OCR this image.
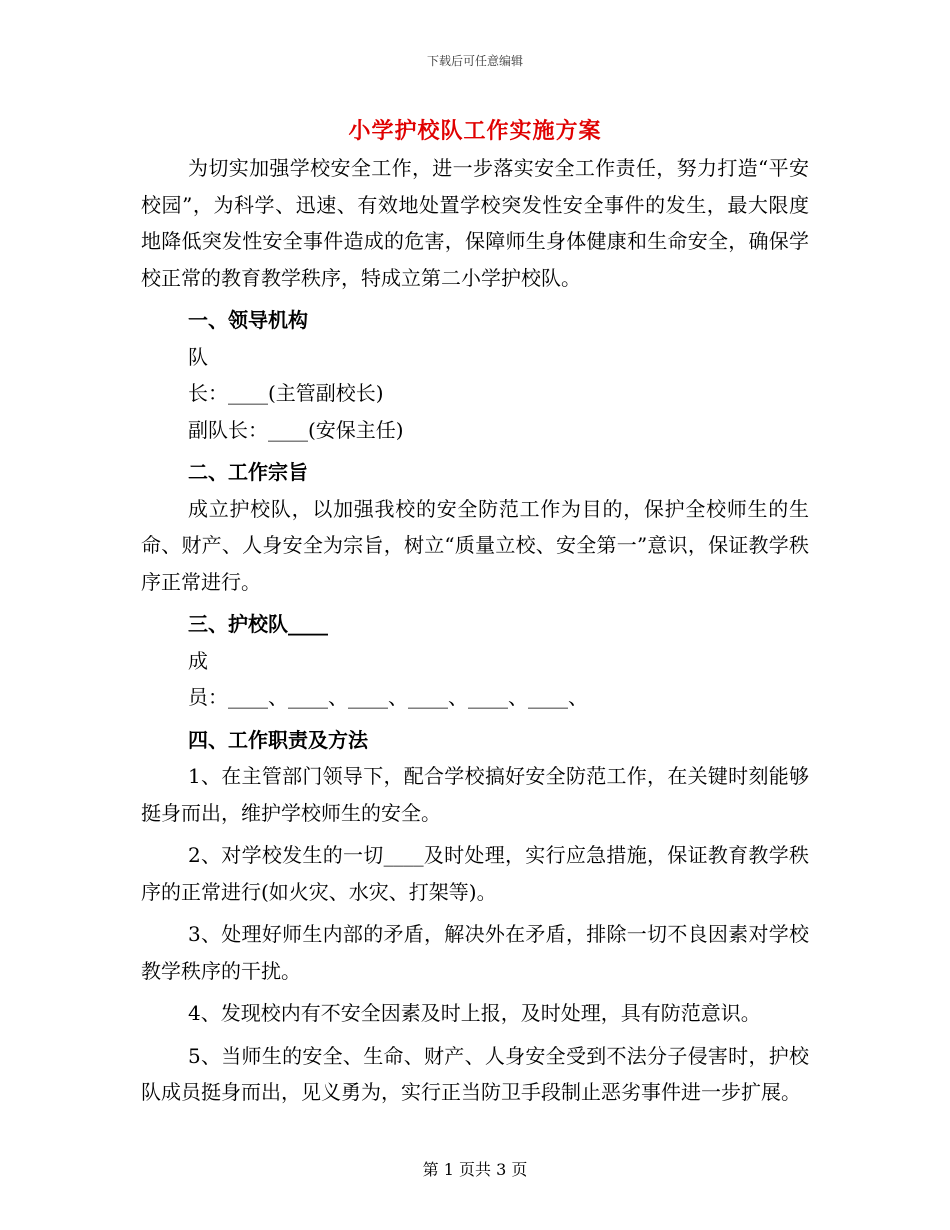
下载后可任意编辑
小学护校队工作实施方案

为切实加强学校安全工作，进一步落实安全工作责任，努力打造“平安校园”，为科学、迅速、有效地处置学校突发性安全事件的发生，最大限度地降低突发性安全事件造成的危害，保障师生身体健康和生命安全，确保学校正常的教育教学秩序，特成立第二小学护校队。

一、领导机构

队

长：____(主管副校长)

副队长：____(安保主任)

二、工作宗旨

成立护校队，以加强我校的安全防范工作为目的，保护全校师生的生命、财产、人身安全为宗旨，树立“质量立校、安全第一”意识，保证教学秩序正常进行。

三、护校队____

成

员：____、____、____、____、____、____、

四、工作职责及方法

1、在主管部门领导下，配合学校搞好安全防范工作，在关键时刻能够挺身而出，维护学校师生的安全。

2、对学校发生的一切____及时处理，实行应急措施，保证教育教学秩序的正常进行(如火灾、水灾、打架等)。

3、处理好师生内部的矛盾，解决外在矛盾，排除一切不良因素对学校教学秩序的干扰。

4、发现校内有不安全因素及时上报，及时处理，具有防范意识。

5、当师生的安全、生命、财产、人身安全受到不法分子侵害时，护校队成员挺身而出，见义勇为，实行正当防卫手段制止恶劣事件进一步扩展。

第 1 页共 3 页
